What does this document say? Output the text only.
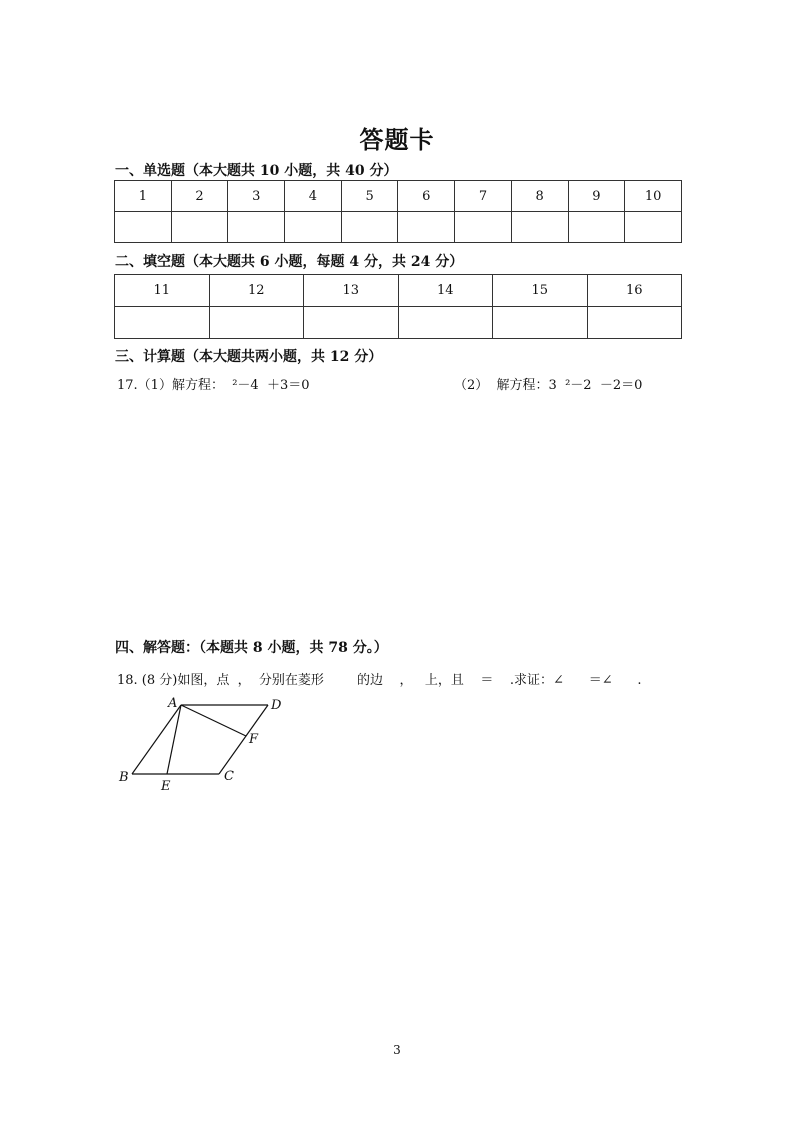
答题卡
一、单选题（本大题共 10 小题，共 40 分）
1	2	3	4	5	6	7	8	9	10

二、填空题（本大题共 6 小题，每题 4 分，共 24 分）
11	12	13	14	15	16

三、计算题（本大题共两小题，共 12 分）
17.（1）解方程：  ²－4  ＋3＝0	（2）  解方程：3  ²－2  －2＝0
四、解答题：（本题共 8 小题，共 78 分。）
18. (8 分)如图，点  ，  分别在菱形        的边    ，   上，且    ＝    .求证：∠      ＝∠      .
A	D
F
C
B
E
3
